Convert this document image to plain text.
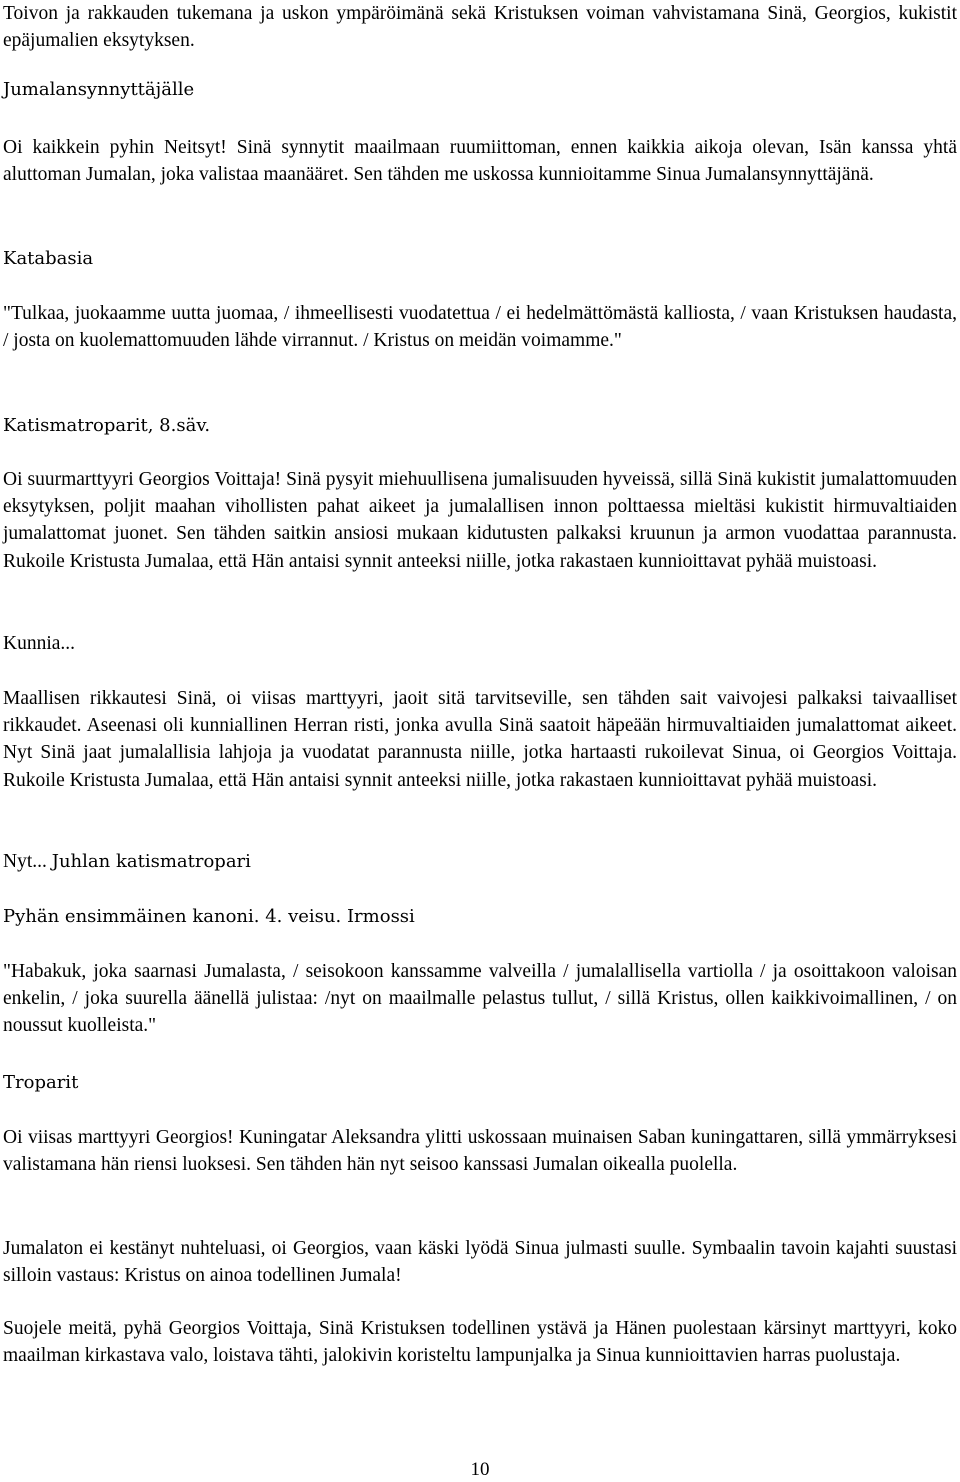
Toivon ja rakkauden tukemana ja uskon ympäröimänä sekä Kristuksen voiman vahvistamana Sinä, Georgios, kukistit epäjumalien eksytyksen.

Jumalansynnyttäjälle

Oi kaikkein pyhin Neitsyt! Sinä synnytit maailmaan ruumiittoman, ennen kaikkia aikoja olevan, Isän kanssa yhtä aluttoman Jumalan, joka valistaa maanääret. Sen tähden me uskossa kunnioitamme Sinua Jumalansynnyttäjänä.

Katabasia

"Tulkaa, juokaamme uutta juomaa, / ihmeellisesti vuodatettua / ei hedelmättömästä kalliosta, / vaan Kristuksen haudasta, / josta on kuolemattomuuden lähde virrannut. / Kristus on meidän voimamme."

Katismatroparit, 8.säv.

Oi suurmarttyyri Georgios Voittaja! Sinä pysyit miehuullisena jumalisuuden hyveissä, sillä Sinä kukistit jumalattomuuden eksytyksen, poljit maahan vihollisten pahat aikeet ja jumalallisen innon polttaessa mieltäsi kukistit hirmuvaltiaiden jumalattomat juonet. Sen tähden saitkin ansiosi mukaan kidutusten palkaksi kruunun ja armon vuodattaa parannusta. Rukoile Kristusta Jumalaa, että Hän antaisi synnit anteeksi niille, jotka rakastaen kunnioittavat pyhää muistoasi.

Kunnia...

Maallisen rikkautesi Sinä, oi viisas marttyyri, jaoit sitä tarvitseville, sen tähden sait vaivojesi palkaksi taivaalliset rikkaudet. Aseenasi oli kunniallinen Herran risti, jonka avulla Sinä saatoit häpeään hirmuvaltiaiden jumalattomat aikeet. Nyt Sinä jaat jumalallisia lahjoja ja vuodatat parannusta niille, jotka hartaasti rukoilevat Sinua, oi Georgios Voittaja. Rukoile Kristusta Jumalaa, että Hän antaisi synnit anteeksi niille, jotka rakastaen kunnioittavat pyhää muistoasi.

Nyt... Juhlan katismatropari

Pyhän ensimmäinen kanoni. 4. veisu. Irmossi

"Habakuk, joka saarnasi Jumalasta, / seisokoon kanssamme valveilla / jumalallisella vartiolla / ja osoittakoon valoisan enkelin, / joka suurella äänellä julistaa: /nyt on maailmalle pelastus tullut, / sillä Kristus, ollen kaikkivoimallinen, / on noussut kuolleista."

Troparit

Oi viisas marttyyri Georgios! Kuningatar Aleksandra ylitti uskossaan muinaisen Saban kuningattaren, sillä ymmärryksesi valistamana hän riensi luoksesi. Sen tähden hän nyt seisoo kanssasi Jumalan oikealla puolella.

Jumalaton ei kestänyt nuhteluasi, oi Georgios, vaan käski lyödä Sinua julmasti suulle. Symbaalin tavoin kajahti suustasi silloin vastaus: Kristus on ainoa todellinen Jumala!

Suojele meitä, pyhä Georgios Voittaja, Sinä Kristuksen todellinen ystävä ja Hänen puolestaan kärsinyt marttyyri, koko maailman kirkastava valo, loistava tähti, jalokivin koristeltu lampunjalka ja Sinua kunnioittavien harras puolustaja.

10
